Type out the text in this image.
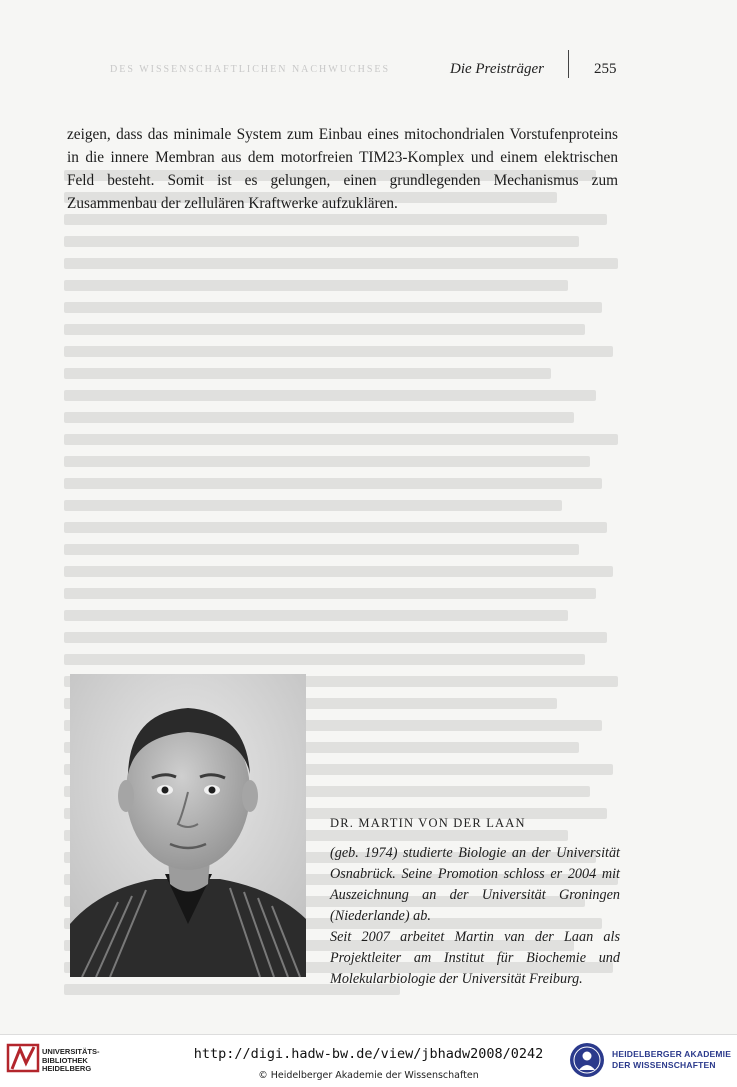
DES WISSENSCHAFTLICHEN NACHWUCHSES	Die Preisträger	255

zeigen, dass das minimale System zum Einbau eines mitochondrialen Vorstufenproteins in die innere Membran aus dem motorfreien TIM23-Komplex und einem elektrischen Feld besteht. Somit ist es gelungen, einen grundlegenden Mechanismus zum Zusammenbau der zellulären Kraftwerke aufzuklären.

DR. MARTIN VON DER LAAN

(geb. 1974) studierte Biologie an der Universität Osnabrück. Seine Promotion schloss er 2004 mit Auszeichnung an der Universität Groningen (Niederlande) ab.

Seit 2007 arbeitet Martin van der Laan als Projektleiter am Institut für Biochemie und Molekularbiologie der Universität Freiburg.

UNIVERSITÄTS-
BIBLIOTHEK
HEIDELBERG
http://digi.hadw-bw.de/view/jbhadw2008/0242
© Heidelberger Akademie der Wissenschaften
HEIDELBERGER AKADEMIE
DER WISSENSCHAFTEN
